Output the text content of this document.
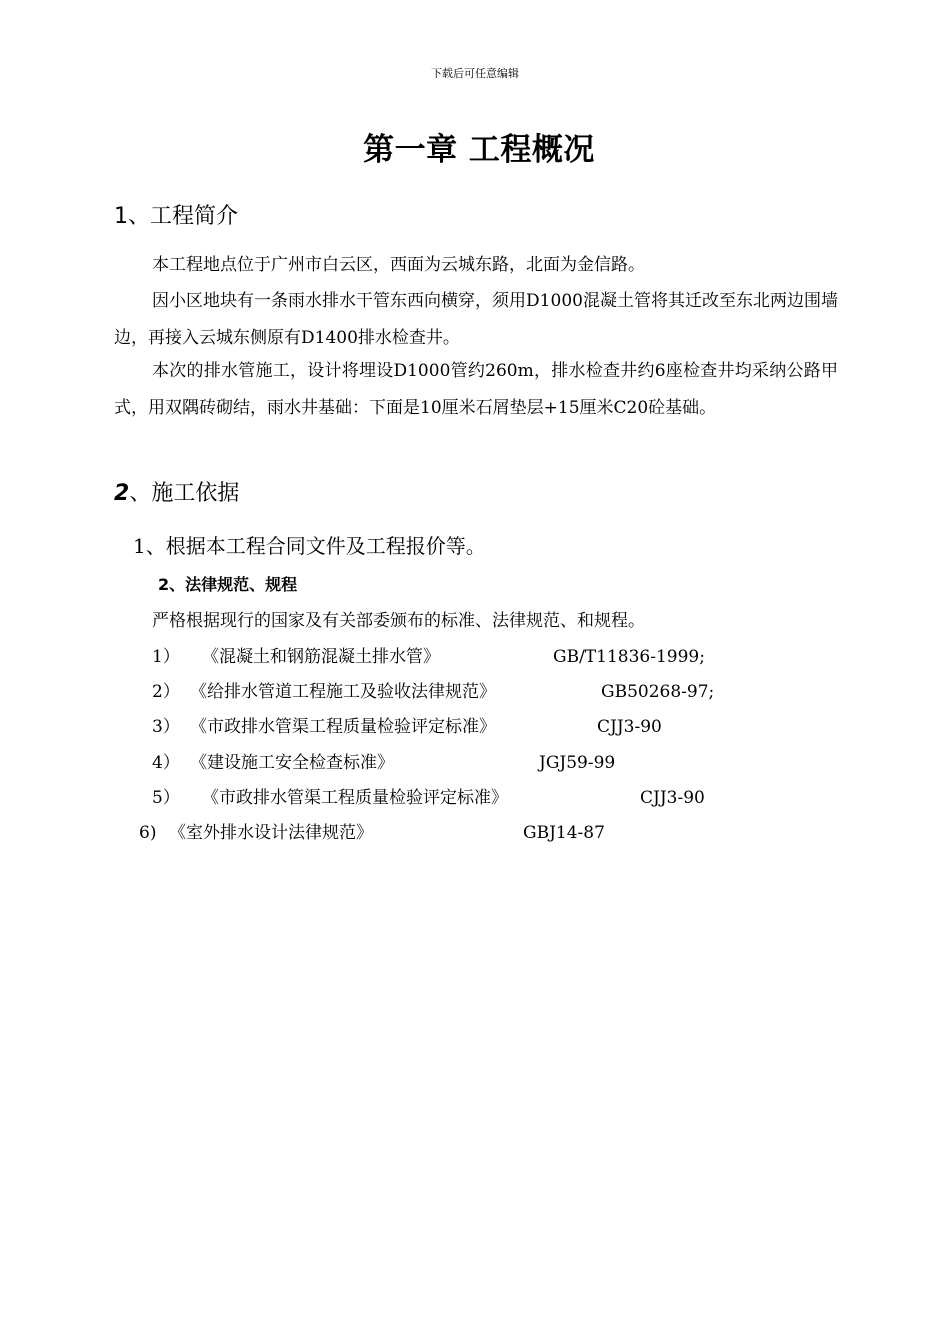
下载后可任意编辑
第一章 工程概况
1、工程简介
本工程地点位于广州市白云区，西面为云城东路，北面为金信路。
因小区地块有一条雨水排水干管东西向横穿，须用D1000混凝土管将其迁改至东北两边围墙边，再接入云城东侧原有D1400排水检查井。
本次的排水管施工，设计将埋设D1000管约260m，排水检查井约6座检查井均采纳公路甲式，用双隅砖砌结，雨水井基础：下面是10厘米石屑垫层+15厘米C20砼基础。
2、施工依据
1、根据本工程合同文件及工程报价等。
2、法律规范、规程
严格根据现行的国家及有关部委颁布的标准、法律规范、和规程。
1） 《混凝土和钢筋混凝土排水管》	GB/T11836-1999;
2） 《给排水管道工程施工及验收法律规范》	GB50268-97;
3） 《市政排水管渠工程质量检验评定标准》	CJJ3-90
4） 《建设施工安全检查标准》	JGJ59-99
5） 《市政排水管渠工程质量检验评定标准》	CJJ3-90
6) 《室外排水设计法律规范》	GBJ14-87
